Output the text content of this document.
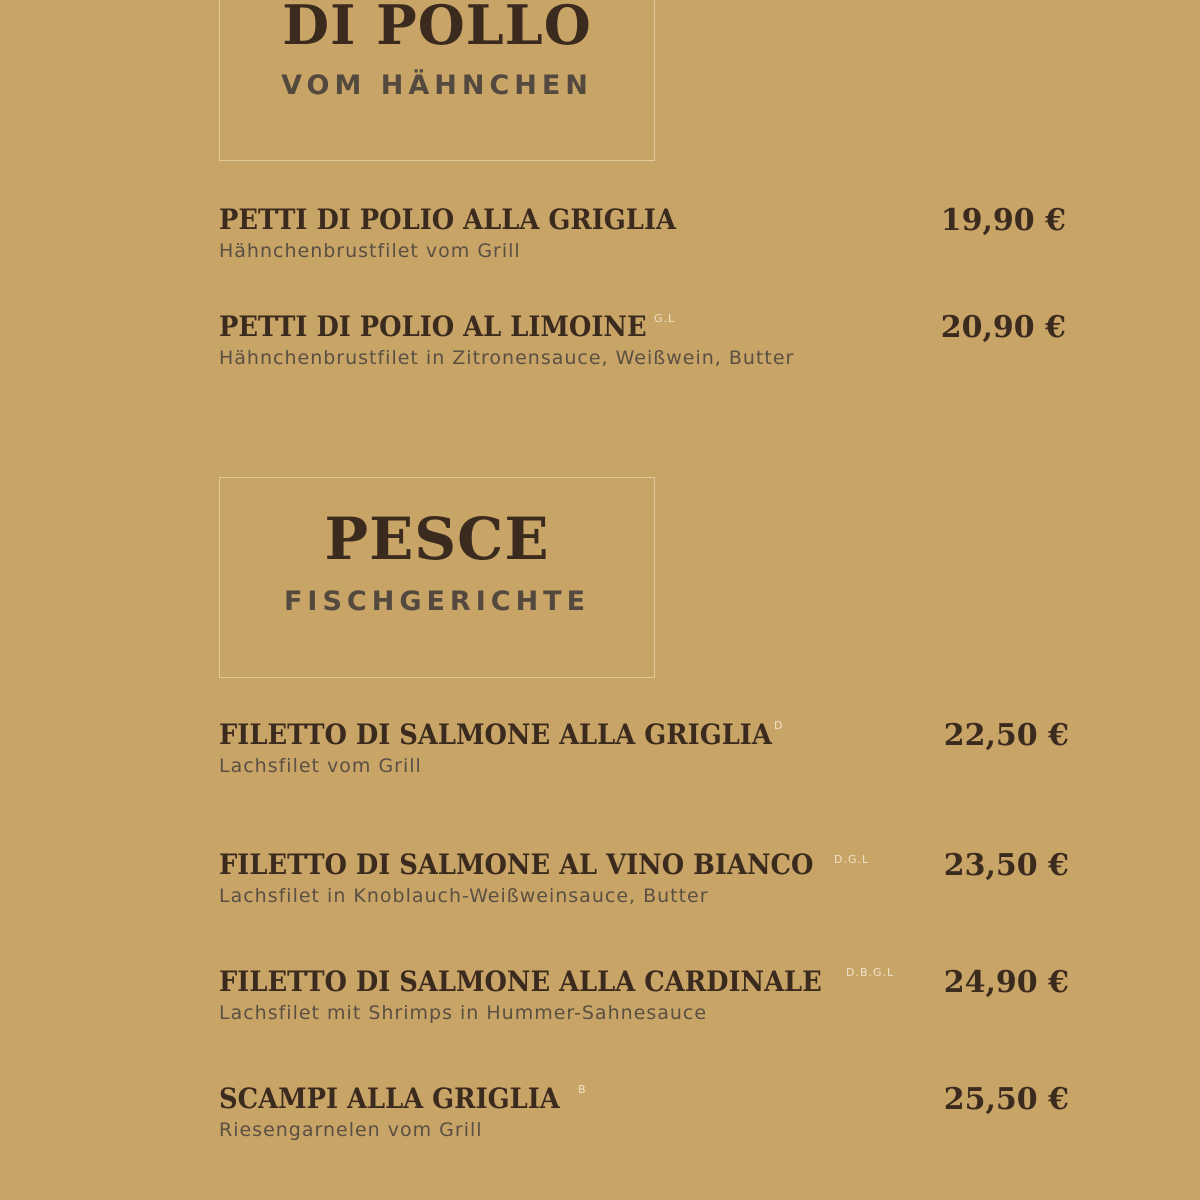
DI POLLO
VOM HÄHNCHEN
PETTI DI POLIO ALLA GRIGLIA
Hähnchenbrustfilet vom Grill
19,90 €
PETTI DI POLIO AL LIMOINE G.L
Hähnchenbrustfilet in Zitronensauce, Weißwein, Butter
20,90 €
PESCE
FISCHGERICHTE
FILETTO DI SALMONE ALLA GRIGLIA D
Lachsfilet vom Grill
22,50 €
FILETTO DI SALMONE AL VINO BIANCO D.G.L
Lachsfilet in Knoblauch-Weißweinsauce, Butter
23,50 €
FILETTO DI SALMONE ALLA CARDINALE D.B.G.L
Lachsfilet mit Shrimps in Hummer-Sahnesauce
24,90 €
SCAMPI ALLA GRIGLIA B
Riesengarnelen vom Grill
25,50 €
